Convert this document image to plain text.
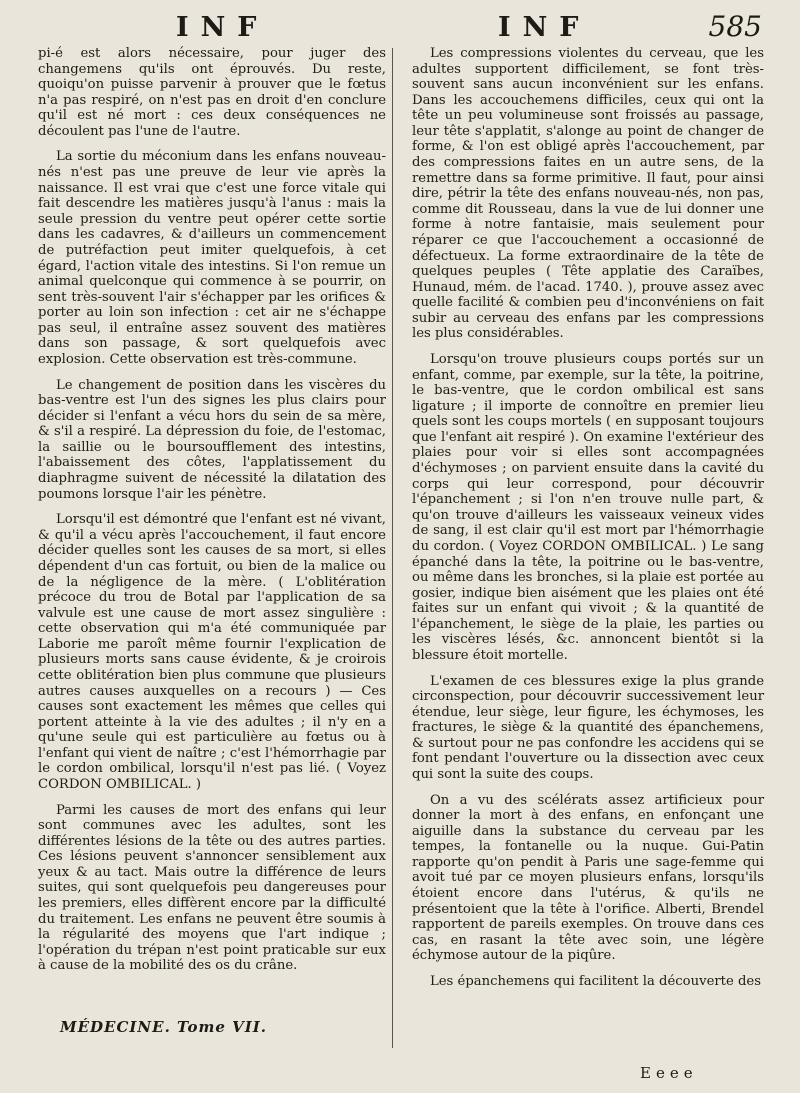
INF	INF	585

pi-é est alors nécessaire, pour juger des changemens qu'ils ont éprouvés. Du reste, quoiqu'on puisse parvenir à prouver que le fœtus n'a pas respiré, on n'est pas en droit d'en conclure qu'il est né mort : ces deux conséquences ne découlent pas l'une de l'autre.

La sortie du méconium dans les enfans nouveau-nés n'est pas une preuve de leur vie après la naissance. Il est vrai que c'est une force vitale qui fait descendre les matières jusqu'à l'anus : mais la seule pression du ventre peut opérer cette sortie dans les cadavres, & d'ailleurs un commencement de putréfaction peut imiter quelquefois, à cet égard, l'action vitale des intestins. Si l'on remue un animal quelconque qui commence à se pourrir, on sent très-souvent l'air s'échapper par les orifices & porter au loin son infection : cet air ne s'échappe pas seul, il entraîne assez souvent des matières dans son passage, & sort quelquefois avec explosion. Cette observation est très-commune.

Le changement de position dans les viscères du bas-ventre est l'un des signes les plus clairs pour décider si l'enfant a vécu hors du sein de sa mère, & s'il a respiré. La dépression du foie, de l'estomac, la saillie ou le boursoufflement des intestins, l'abaissement des côtes, l'applatissement du diaphragme suivent de nécessité la dilatation des poumons lorsque l'air les pénètre.

Lorsqu'il est démontré que l'enfant est né vivant, & qu'il a vécu après l'accouchement, il faut encore décider quelles sont les causes de sa mort, si elles dépendent d'un cas fortuit, ou bien de la malice ou de la négligence de la mère. ( L'oblitération précoce du trou de Botal par l'application de sa valvule est une cause de mort assez singulière : cette observation qui m'a été communiquée par Laborie me paroît même fournir l'explication de plusieurs morts sans cause évidente, & je croirois cette oblitération bien plus commune que plusieurs autres causes auxquelles on a recours ) — Ces causes sont exactement les mêmes que celles qui portent atteinte à la vie des adultes ; il n'y en a qu'une seule qui est particulière au fœtus ou à l'enfant qui vient de naître ; c'est l'hémorrhagie par le cordon ombilical, lorsqu'il n'est pas lié. ( Voyez CORDON OMBILICAL. )

Parmi les causes de mort des enfans qui leur sont communes avec les adultes, sont les différentes lésions de la tête ou des autres parties. Ces lésions peuvent s'annoncer sensiblement aux yeux & au tact. Mais outre la différence de leurs suites, qui sont quelquefois peu dangereuses pour les premiers, elles diffèrent encore par la difficulté du traitement. Les enfans ne peuvent être soumis à la régularité des moyens que l'art indique ; l'opération du trépan n'est point praticable sur eux à cause de la mobilité des os du crâne.

Les compressions violentes du cerveau, que les adultes supportent difficilement, se font très-souvent sans aucun inconvénient sur les enfans. Dans les accouchemens difficiles, ceux qui ont la tête un peu volumineuse sont froissés au passage, leur tête s'applatit, s'alonge au point de changer de forme, & l'on est obligé après l'accouchement, par des compressions faites en un autre sens, de la remettre dans sa forme primitive. Il faut, pour ainsi dire, pétrir la tête des enfans nouveau-nés, non pas, comme dit Rousseau, dans la vue de lui donner une forme à notre fantaisie, mais seulement pour réparer ce que l'accouchement a occasionné de défectueux. La forme extraordinaire de la tête de quelques peuples ( Tête applatie des Caraïbes, Hunaud, mém. de l'acad. 1740. ), prouve assez avec quelle facilité & combien peu d'inconvéniens on fait subir au cerveau des enfans par les compressions les plus considérables.

Lorsqu'on trouve plusieurs coups portés sur un enfant, comme, par exemple, sur la tête, la poitrine, le bas-ventre, que le cordon ombilical est sans ligature ; il importe de connoître en premier lieu quels sont les coups mortels ( en supposant toujours que l'enfant ait respiré ). On examine l'extérieur des plaies pour voir si elles sont accompagnées d'échymoses ; on parvient ensuite dans la cavité du corps qui leur correspond, pour découvrir l'épanchement ; si l'on n'en trouve nulle part, & qu'on trouve d'ailleurs les vaisseaux veineux vides de sang, il est clair qu'il est mort par l'hémorrhagie du cordon. ( Voyez CORDON OMBILICAL. ) Le sang épanché dans la tête, la poitrine ou le bas-ventre, ou même dans les bronches, si la plaie est portée au gosier, indique bien aisément que les plaies ont été faites sur un enfant qui vivoit ; & la quantité de l'épanchement, le siège de la plaie, les parties ou les viscères lésés, &c. annoncent bientôt si la blessure étoit mortelle.

L'examen de ces blessures exige la plus grande circonspection, pour découvrir successivement leur étendue, leur siège, leur figure, les échymoses, les fractures, le siège & la quantité des épanchemens, & surtout pour ne pas confondre les accidens qui se font pendant l'ouverture ou la dissection avec ceux qui sont la suite des coups.

On a vu des scélérats assez artificieux pour donner la mort à des enfans, en enfonçant une aiguille dans la substance du cerveau par les tempes, la fontanelle ou la nuque. Gui-Patin rapporte qu'on pendit à Paris une sage-femme qui avoit tué par ce moyen plusieurs enfans, lorsqu'ils étoient encore dans l'utérus, & qu'ils ne présentoient que la tête à l'orifice. Alberti, Brendel rapportent de pareils exemples. On trouve dans ces cas, en rasant la tête avec soin, une légère échymose autour de la piqûre.

Les épanchemens qui facilitent la découverte des

MÉDECINE. Tome VII.
Eeee
